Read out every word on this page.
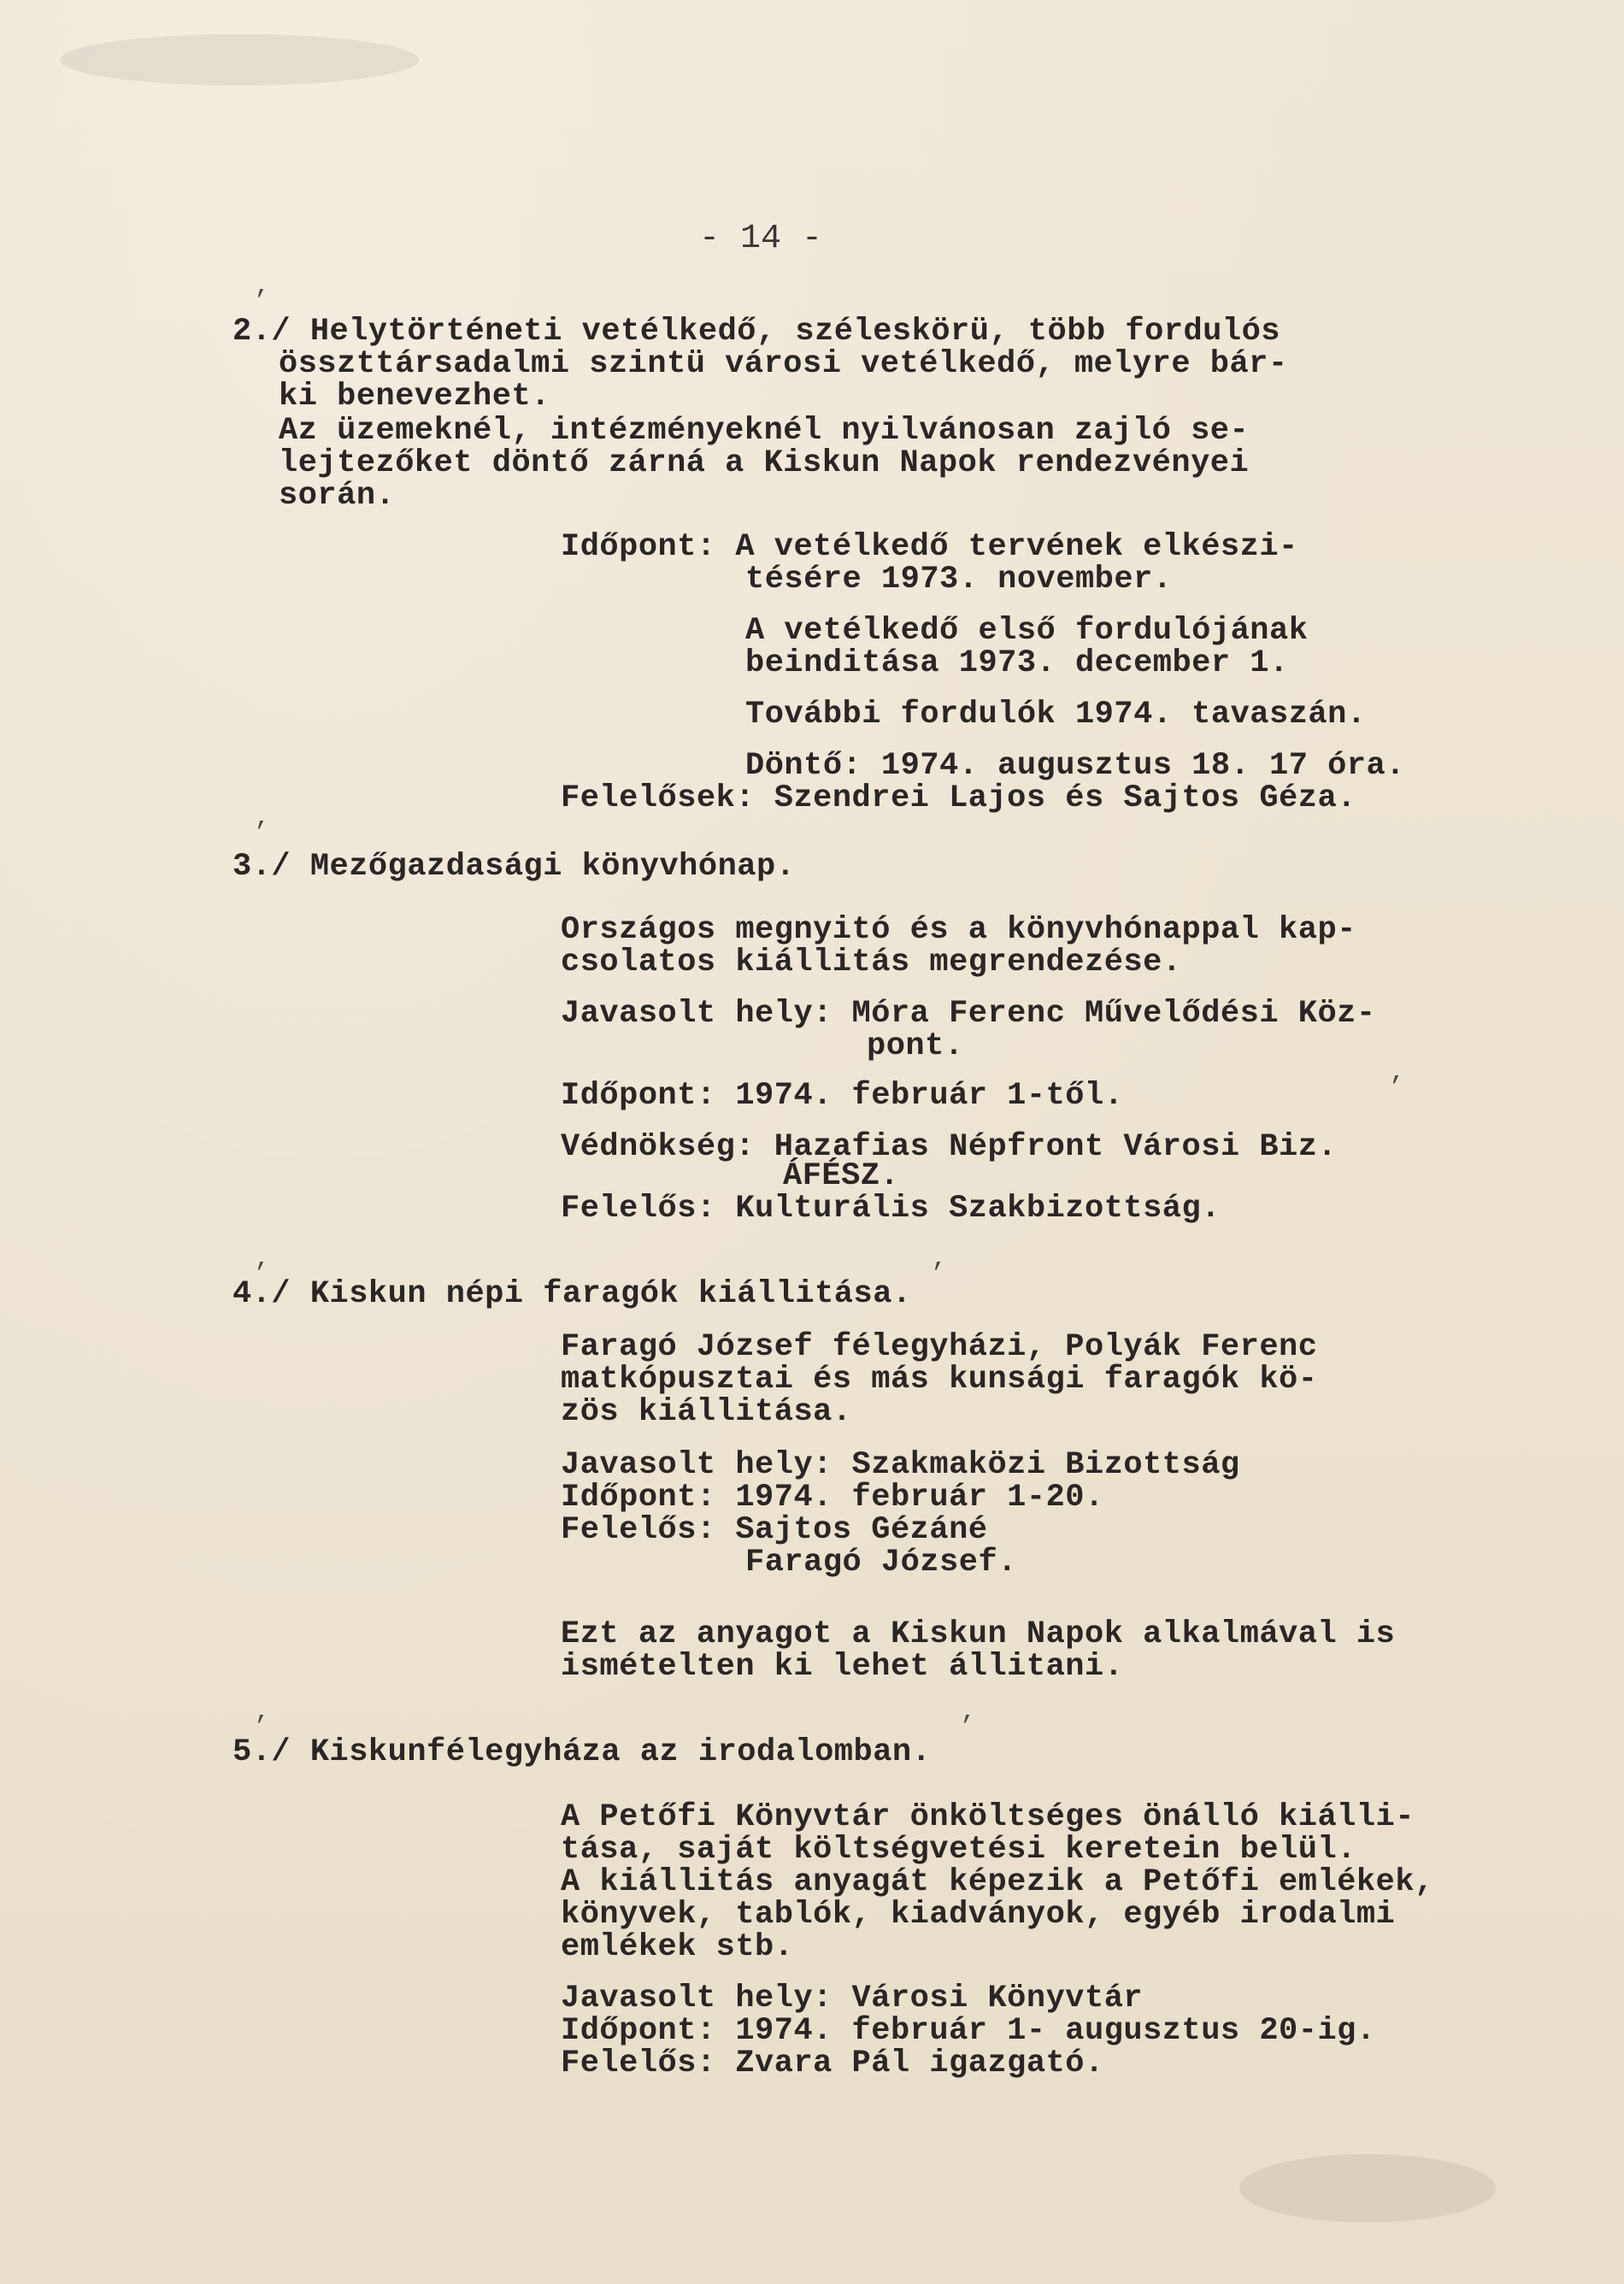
- 14 -
2./ Helytörténeti vetélkedő, széleskörü, több fordulós
összttársadalmi szintü városi vetélkedő, melyre bár-
ki benevezhet.
Az üzemeknél, intézményeknél nyilvánosan zajló se-
lejtezőket döntő zárná a Kiskun Napok rendezvényei
során.
Időpont: A vetélkedő tervének elkészi-
tésére 1973. november.
A vetélkedő első fordulójának
beinditása 1973. december 1.
További fordulók 1974. tavaszán.
Döntő: 1974. augusztus 18. 17 óra.
Felelősek: Szendrei Lajos és Sajtos Géza.
3./ Mezőgazdasági könyvhónap.
Országos megnyitó és a könyvhónappal kap-
csolatos kiállitás megrendezése.
Javasolt hely: Móra Ferenc Művelődési Köz-
pont.
Időpont: 1974. február 1-től.
Védnökség: Hazafias Népfront Városi Biz.
ÁFÉSZ.
Felelős: Kulturális Szakbizottság.
4./ Kiskun népi faragók kiállitása.
Faragó József félegyházi, Polyák Ferenc
matkópusztai és más kunsági faragók kö-
zös kiállitása.
Javasolt hely: Szakmaközi Bizottság
Időpont: 1974. február 1-20.
Felelős: Sajtos Gézáné
Faragó József.
Ezt az anyagot a Kiskun Napok alkalmával is
ismételten ki lehet állitani.
5./ Kiskunfélegyháza az irodalomban.
A Petőfi Könyvtár önköltséges önálló kiálli-
tása, saját költségvetési keretein belül.
A kiállitás anyagát képezik a Petőfi emlékek,
könyvek, tablók, kiadványok, egyéb irodalmi
emlékek stb.
Javasolt hely: Városi Könyvtár
Időpont: 1974. február 1- augusztus 20-ig.
Felelős: Zvara Pál igazgató.
,
,
,
,
,
,
,
